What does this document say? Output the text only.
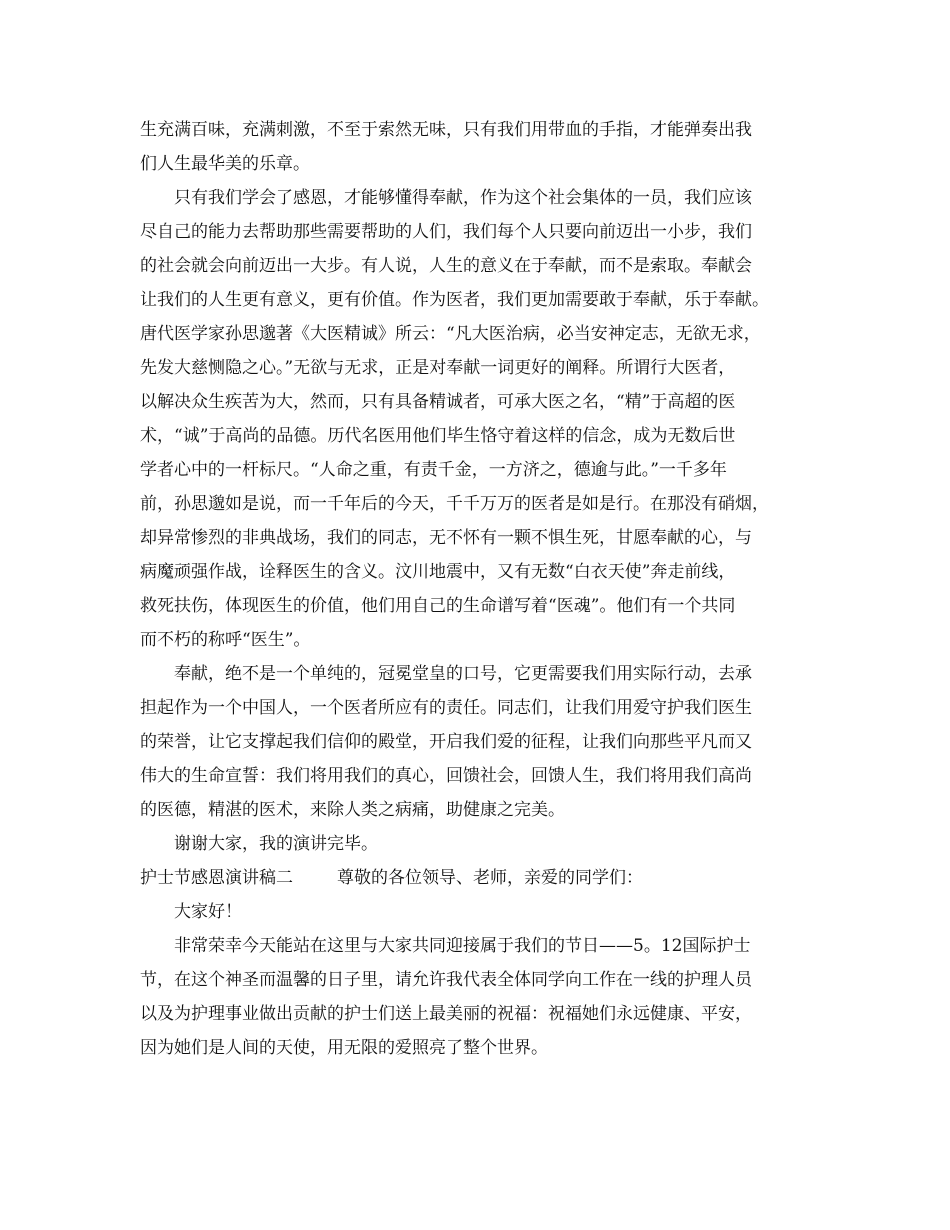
生充满百味，充满刺激，不至于索然无味，只有我们用带血的手指，才能弹奏出我
们人生最华美的乐章。
只有我们学会了感恩，才能够懂得奉献，作为这个社会集体的一员，我们应该
尽自己的能力去帮助那些需要帮助的人们，我们每个人只要向前迈出一小步，我们
的社会就会向前迈出一大步。有人说，人生的意义在于奉献，而不是索取。奉献会
让我们的人生更有意义，更有价值。作为医者，我们更加需要敢于奉献，乐于奉献。
唐代医学家孙思邈著《大医精诚》所云：“凡大医治病，必当安神定志，无欲无求，
先发大慈恻隐之心。”无欲与无求，正是对奉献一词更好的阐释。所谓行大医者，
以解决众生疾苦为大，然而，只有具备精诚者，可承大医之名，“精”于高超的医
术，“诚”于高尚的品德。历代名医用他们毕生恪守着这样的信念，成为无数后世
学者心中的一杆标尺。“人命之重，有责千金，一方济之，德逾与此。”一千多年
前，孙思邈如是说，而一千年后的今天，千千万万的医者是如是行。在那没有硝烟，
却异常惨烈的非典战场，我们的同志，无不怀有一颗不惧生死，甘愿奉献的心，与
病魔顽强作战，诠释医生的含义。汶川地震中，又有无数“白衣天使”奔走前线，
救死扶伤，体现医生的价值，他们用自己的生命谱写着“医魂”。他们有一个共同
而不朽的称呼“医生”。
奉献，绝不是一个单纯的，冠冕堂皇的口号，它更需要我们用实际行动，去承
担起作为一个中国人，一个医者所应有的责任。同志们，让我们用爱守护我们医生
的荣誉，让它支撑起我们信仰的殿堂，开启我们爱的征程，让我们向那些平凡而又
伟大的生命宣誓：我们将用我们的真心，回馈社会，回馈人生，我们将用我们高尚
的医德，精湛的医术，来除人类之病痛，助健康之完美。
谢谢大家，我的演讲完毕。
护士节感恩演讲稿二	尊敬的各位领导、老师，亲爱的同学们：
大家好！
非常荣幸今天能站在这里与大家共同迎接属于我们的节日——5。12国际护士
节，在这个神圣而温馨的日子里，请允许我代表全体同学向工作在一线的护理人员
以及为护理事业做出贡献的护士们送上最美丽的祝福：祝福她们永远健康、平安，
因为她们是人间的天使，用无限的爱照亮了整个世界。
